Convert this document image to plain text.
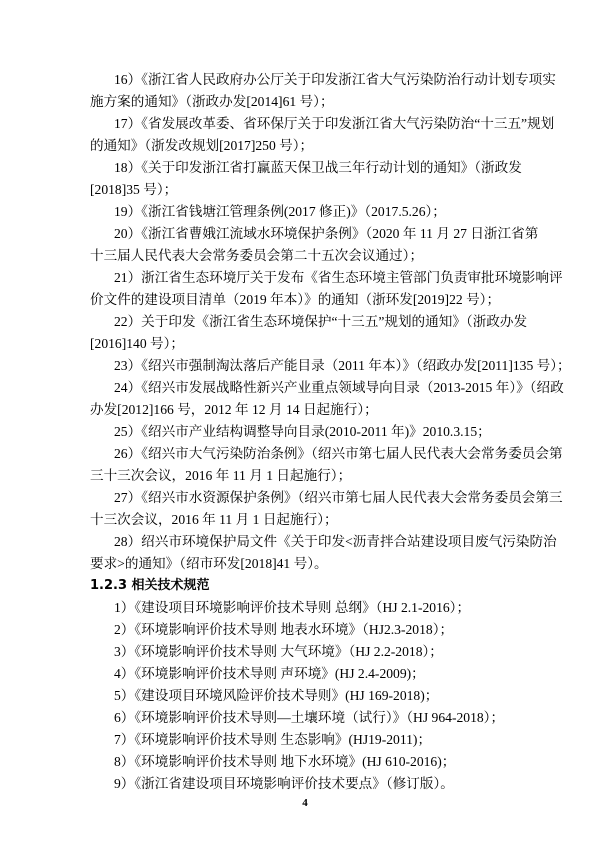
16）《浙江省人民政府办公厅关于印发浙江省大气污染防治行动计划专项实
施方案的通知》（浙政办发[2014]61 号）；
17）《省发展改革委、省环保厅关于印发浙江省大气污染防治“十三五”规划
的通知》（浙发改规划[2017]250 号）；
18）《关于印发浙江省打赢蓝天保卫战三年行动计划的通知》（浙政发
[2018]35 号）；
19）《浙江省钱塘江管理条例(2017 修正)》（2017.5.26）；
20）《浙江省曹娥江流域水环境保护条例》（2020 年 11 月 27 日浙江省第
十三届人民代表大会常务委员会第二十五次会议通过）；
21）浙江省生态环境厅关于发布《省生态环境主管部门负责审批环境影响评
价文件的建设项目清单（2019 年本）》的通知（浙环发[2019]22 号）；
22）关于印发《浙江省生态环境保护“十三五”规划的通知》（浙政办发
[2016]140 号）；
23）《绍兴市强制淘汰落后产能目录（2011 年本）》（绍政办发[2011]135 号）；
24）《绍兴市发展战略性新兴产业重点领域导向目录（2013-2015 年）》（绍政
办发[2012]166 号，2012 年 12 月 14 日起施行）；
25）《绍兴市产业结构调整导向目录(2010-2011 年)》2010.3.15；
26）《绍兴市大气污染防治条例》（绍兴市第七届人民代表大会常务委员会第
三十三次会议，2016 年 11 月 1 日起施行）；
27）《绍兴市水资源保护条例》（绍兴市第七届人民代表大会常务委员会第三
十三次会议，2016 年 11 月 1 日起施行）；
28）绍兴市环境保护局文件《关于印发<沥青拌合站建设项目废气污染防治
要求>的通知》（绍市环发[2018]41 号）。
1.2.3 相关技术规范
1）《建设项目环境影响评价技术导则 总纲》（HJ 2.1-2016）；
2）《环境影响评价技术导则 地表水环境》（HJ2.3-2018）；
3）《环境影响评价技术导则 大气环境》（HJ 2.2-2018）；
4）《环境影响评价技术导则 声环境》(HJ 2.4-2009)；
5）《建设项目环境风险评价技术导则》(HJ 169-2018)；
6）《环境影响评价技术导则—土壤环境（试行）》（HJ 964-2018）；
7）《环境影响评价技术导则 生态影响》(HJ19-2011)；
8）《环境影响评价技术导则 地下水环境》(HJ 610-2016)；
9）《浙江省建设项目环境影响评价技术要点》（修订版）。
4
